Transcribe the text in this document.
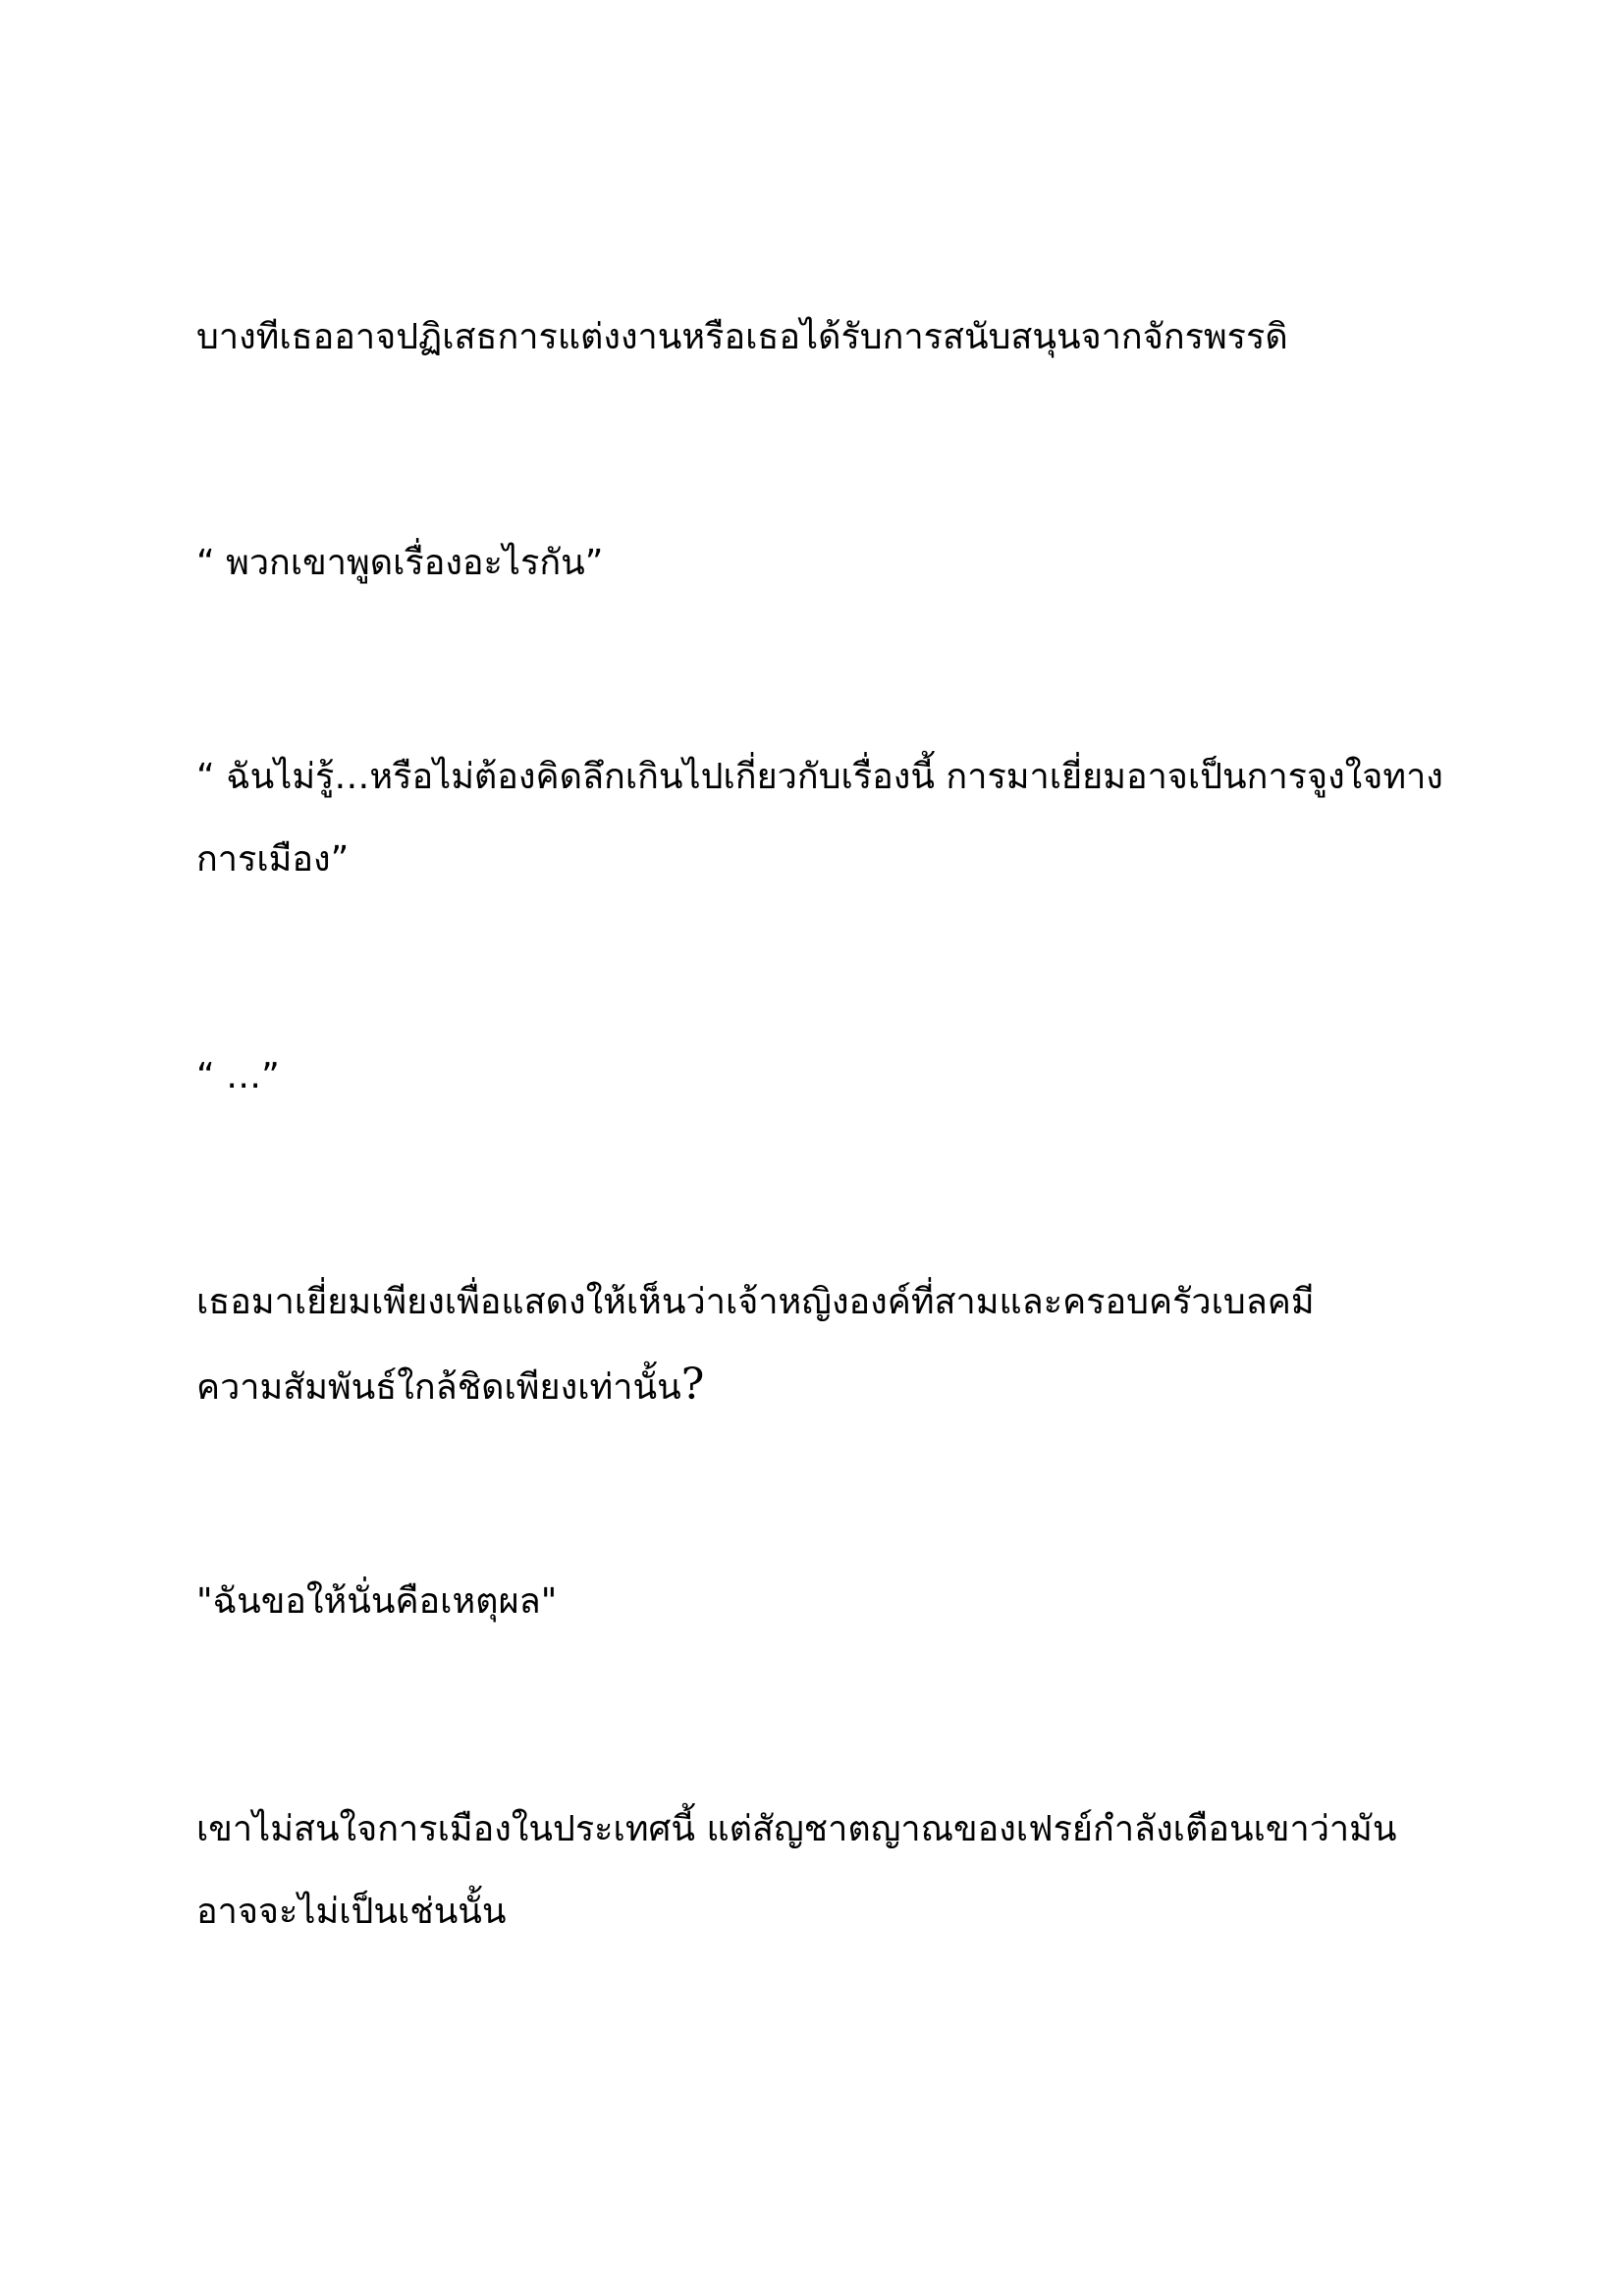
บางทีเธออาจปฏิเสธการแต่งงานหรือเธอได้รับการสนับสนุนจากจักรพรรดิ
“ พวกเขาพูดเรื่องอะไรกัน”
“ ฉันไม่รู้…หรือไม่ต้องคิดลึกเกินไปเกี่ยวกับเรื่องนี้ การมาเยี่ยมอาจเป็นการจูงใจทาง
การเมือง”
“ …”
เธอมาเยี่ยมเพียงเพื่อแสดงให้เห็นว่าเจ้าหญิงองค์ที่สามและครอบครัวเบลคมี
ความสัมพันธ์ใกล้ชิดเพียงเท่านั้น?
"ฉันขอให้นั่นคือเหตุผล"
เขาไม่สนใจการเมืองในประเทศนี้ แต่สัญชาตญาณของเฟรย์กำลังเตือนเขาว่ามัน
อาจจะไม่เป็นเช่นนั้น
